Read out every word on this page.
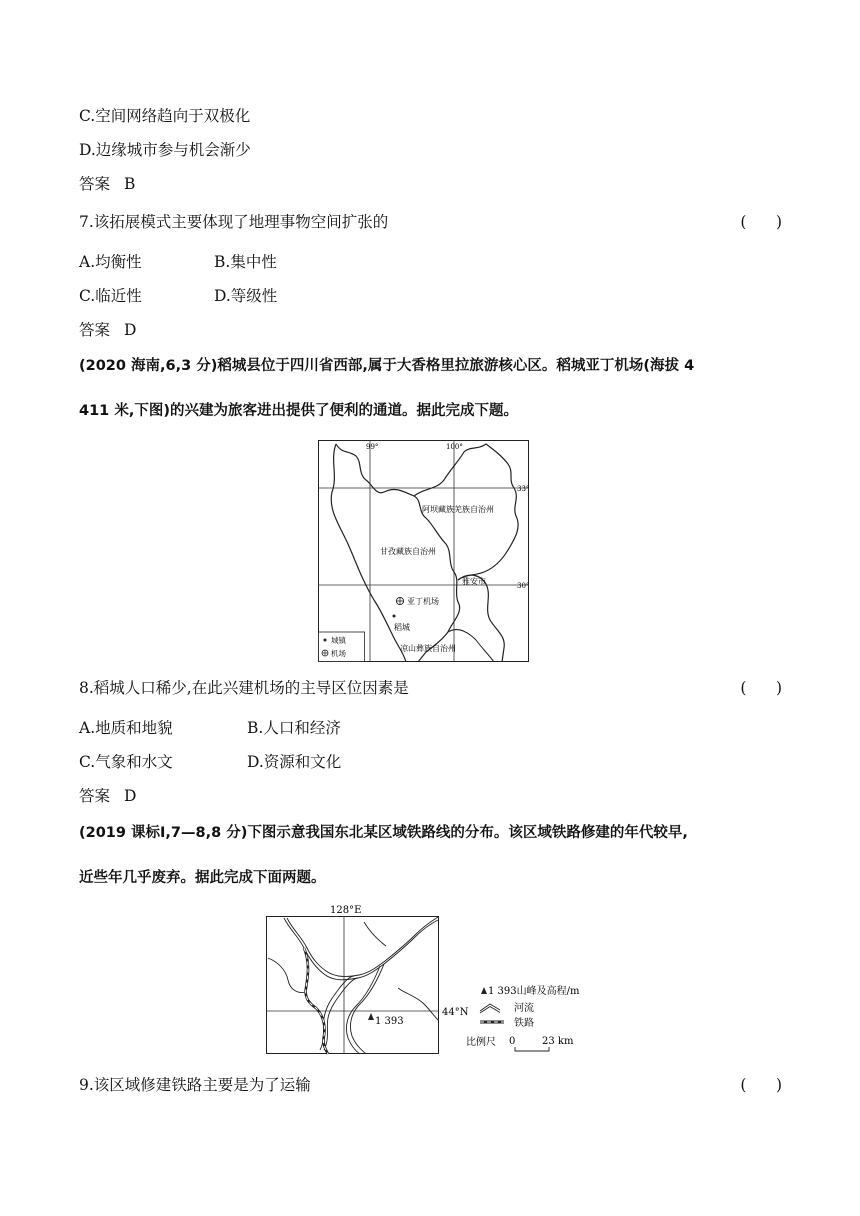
C.空间网络趋向于双极化
D.边缘城市参与机会渐少
答案 B
7.该拓展模式主要体现了地理事物空间扩张的	(      )
A.均衡性	B.集中性
C.临近性	D.等级性
答案 D
(2020 海南,6,3 分)稻城县位于四川省西部,属于大香格里拉旅游核心区。稻城亚丁机场(海拔 4
411 米,下图)的兴建为旅客进出提供了便利的通道。据此完成下题。
99°	100°
33°
30°
阿坝藏族羌族自治州
甘孜藏族自治州
雅安市
亚丁机场
稻城
凉山彝族自治州
城镇
机场
8.稻城人口稀少,在此兴建机场的主导区位因素是	(      )
A.地质和地貌	B.人口和经济
C.气象和水文	D.资源和文化
答案 D
(2019 课标Ⅰ,7—8,8 分)下图示意我国东北某区域铁路线的分布。该区域铁路修建的年代较早,
近些年几乎废弃。据此完成下面两题。
128°E
44°N
1 393
1 393山峰及高程/m
河流
铁路
比例尺 0	23 km
9.该区域修建铁路主要是为了运输	(      )
